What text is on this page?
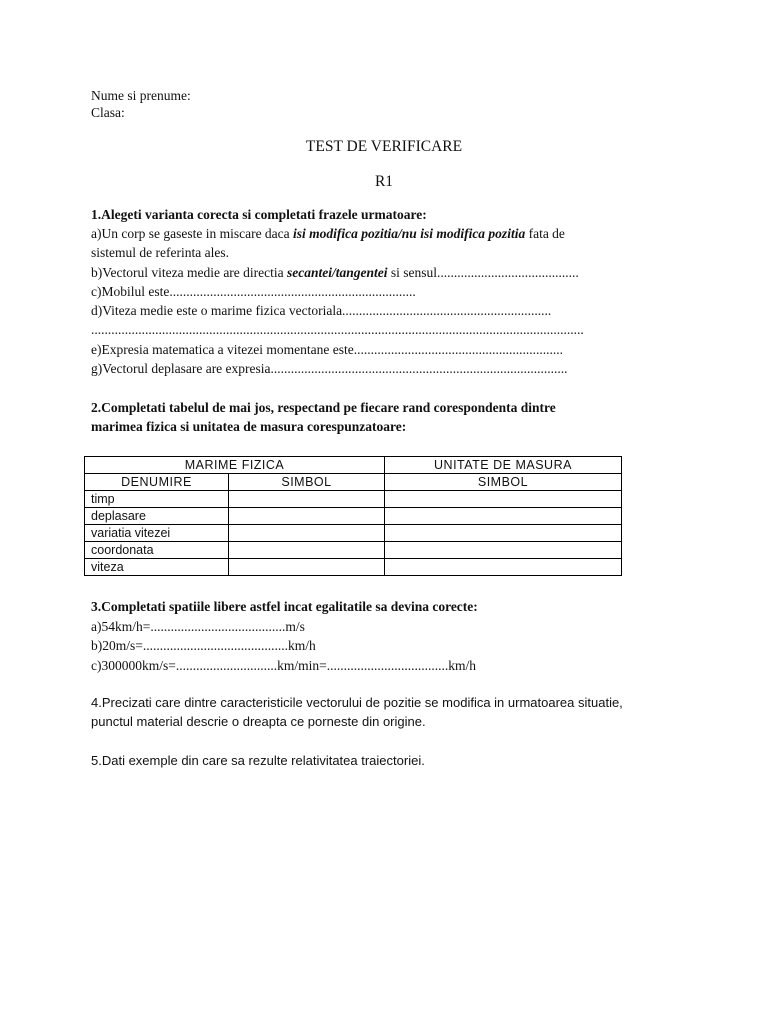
Nume si prenume:
Clasa:
TEST DE VERIFICARE
R1
1.Alegeti varianta corecta si completati frazele urmatoare:
a)Un corp se gaseste in miscare daca isi modifica pozitia/nu isi modifica pozitia fata de
sistemul de referinta ales.
b)Vectorul viteza medie are directia secantei/tangentei si sensul..........................................
c)Mobilul este.........................................................................
d)Viteza medie este o marime fizica vectoriala..............................................................
..................................................................................................................................................
e)Expresia matematica a vitezei momentane este..............................................................
g)Vectorul deplasare are expresia........................................................................................
2.Completati tabelul de mai jos, respectand pe fiecare rand corespondenta dintre
marimea fizica si unitatea de masura corespunzatoare:
MARIME FIZICA		UNITATE DE MASURA
DENUMIRE	SIMBOL	SIMBOL
timp		
deplasare		
variatia vitezei		
coordonata		
viteza		
3.Completati spatiile libere astfel incat egalitatile sa devina corecte:
a)54km/h=........................................m/s
b)20m/s=...........................................km/h
c)300000km/s=..............................km/min=....................................km/h
4.Precizati care dintre caracteristicile vectorului de pozitie se modifica in urmatoarea situatie,
punctul material descrie o dreapta ce porneste din origine.
5.Dati exemple din care sa rezulte relativitatea traiectoriei.
